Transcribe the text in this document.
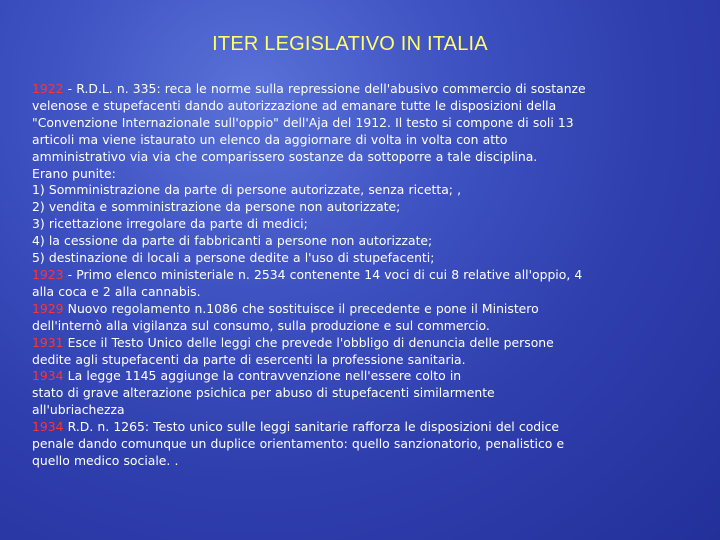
ITER LEGISLATIVO IN ITALIA
1922 - R.D.L. n. 335: reca le norme sulla repressione dell'abusivo commercio di sostanze
velenose e stupefacenti dando autorizzazione ad emanare tutte le disposizioni della
"Convenzione Internazionale sull'oppio" dell'Aja del 1912. Il testo si compone di soli 13
articoli ma viene istaurato un elenco da aggiornare di volta in volta con atto
amministrativo via via che comparissero sostanze da sottoporre a tale disciplina.
Erano punite:
1) Somministrazione da parte di persone autorizzate, senza ricetta; ,
2) vendita e somministrazione da persone non autorizzate;
3) ricettazione irregolare da parte di medici;
4) la cessione da parte di fabbricanti a persone non autorizzate;
5) destinazione di locali a persone dedite a l'uso di stupefacenti;
1923 - Primo elenco ministeriale n. 2534 contenente 14 voci di cui 8 relative all'oppio, 4
alla coca e 2 alla cannabis.
1929 Nuovo regolamento n.1086 che sostituisce il precedente e pone il Ministero
dell'internò alla vigilanza sul consumo, sulla produzione e sul commercio.
1931 Esce il Testo Unico delle leggi che prevede l'obbligo di denuncia delle persone
dedite agli stupefacenti da parte di esercenti la professione sanitaria.
1934 La legge 1145 aggiunge la contravvenzione nell'essere colto in
stato di grave alterazione psichica per abuso di stupefacenti similarmente
all'ubriachezza
1934 R.D. n. 1265: Testo unico sulle leggi sanitarie rafforza le disposizioni del codice
penale dando comunque un duplice orientamento: quello sanzionatorio, penalistico e
quello medico sociale. .
